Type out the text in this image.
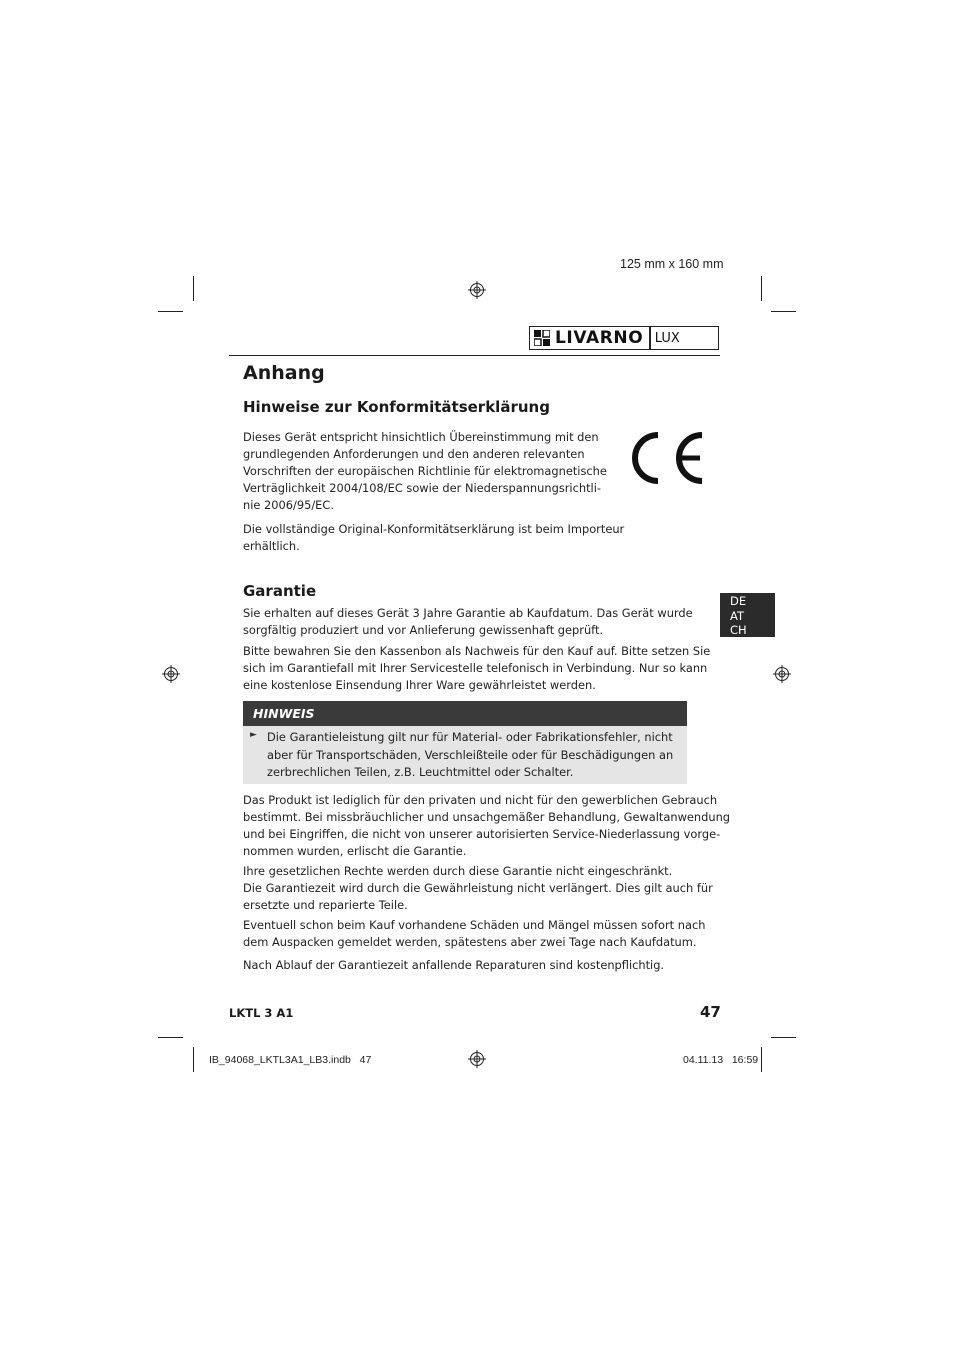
125 mm x 160 mm
LIVARNO LUX
Anhang
Hinweise zur Konformitätserklärung
Dieses Gerät entspricht hinsichtlich Übereinstimmung mit den
grundlegenden Anforderungen und den anderen relevanten
Vorschriften der europäischen Richtlinie für elektromagnetische
Verträglichkeit 2004/108/EC sowie der Niederspannungsrichtli-
nie 2006/95/EC.
Die vollständige Original-Konformitätserklärung ist beim Importeur
erhältlich.
DE
AT
CH
Garantie
Sie erhalten auf dieses Gerät 3 Jahre Garantie ab Kaufdatum. Das Gerät wurde
sorgfältig produziert und vor Anlieferung gewissenhaft geprüft.
Bitte bewahren Sie den Kassenbon als Nachweis für den Kauf auf. Bitte setzen Sie
sich im Garantiefall mit Ihrer Servicestelle telefonisch in Verbindung. Nur so kann
eine kostenlose Einsendung Ihrer Ware gewährleistet werden.
HINWEIS
► Die Garantieleistung gilt nur für Material- oder Fabrikationsfehler, nicht
aber für Transportschäden, Verschleißteile oder für Beschädigungen an
zerbrechlichen Teilen, z.B. Leuchtmittel oder Schalter.
Das Produkt ist lediglich für den privaten und nicht für den gewerblichen Gebrauch
bestimmt. Bei missbräuchlicher und unsachgemäßer Behandlung, Gewaltanwendung
und bei Eingriffen, die nicht von unserer autorisierten Service-Niederlassung vorge-
nommen wurden, erlischt die Garantie.
Ihre gesetzlichen Rechte werden durch diese Garantie nicht eingeschränkt.
Die Garantiezeit wird durch die Gewährleistung nicht verlängert. Dies gilt auch für
ersetzte und reparierte Teile.
Eventuell schon beim Kauf vorhandene Schäden und Mängel müssen sofort nach
dem Auspacken gemeldet werden, spätestens aber zwei Tage nach Kaufdatum.
Nach Ablauf der Garantiezeit anfallende Reparaturen sind kostenpflichtig.
LKTL 3 A1	47
IB_94068_LKTL3A1_LB3.indb   47	04.11.13   16:59
